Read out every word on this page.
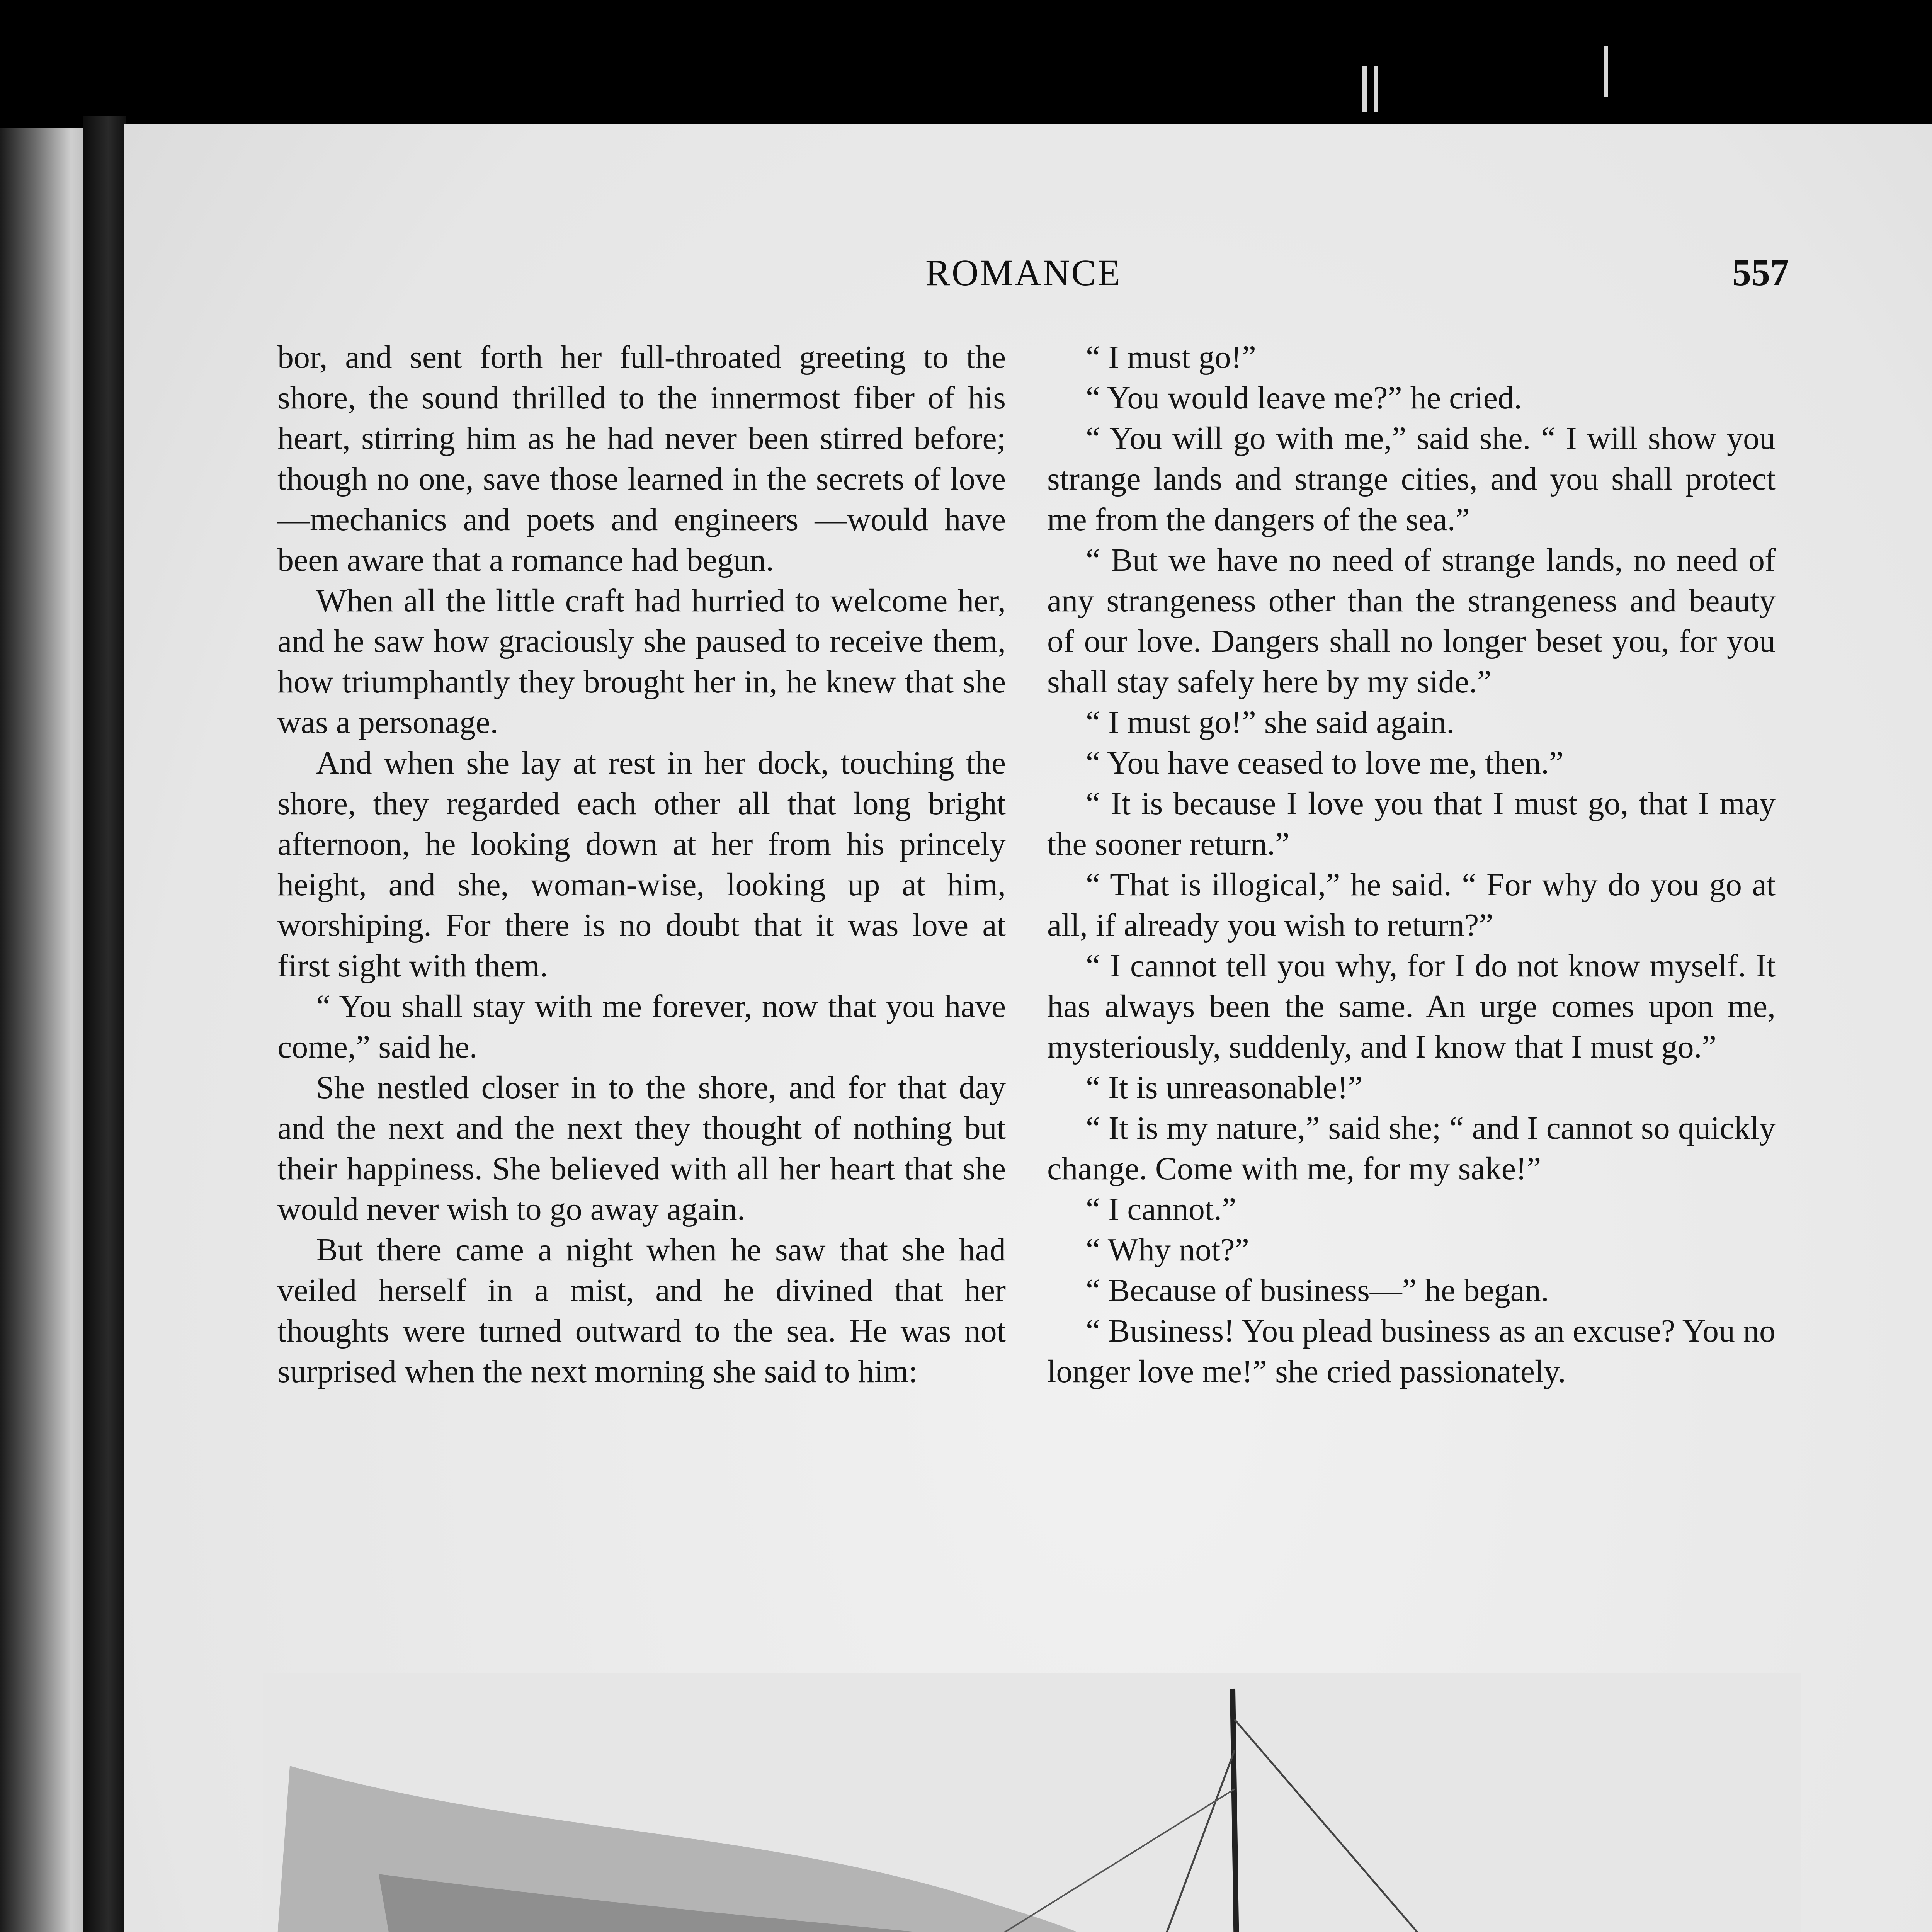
ROMANCE	557

bor, and sent forth her full-throated greeting to the shore, the sound thrilled to the innermost fiber of his heart, stirring him as he had never been stirred before; though no one, save those learned in the secrets of love—mechanics and poets and engineers —would have been aware that a romance had begun.

When all the little craft had hurried to welcome her, and he saw how graciously she paused to receive them, how triumphantly they brought her in, he knew that she was a personage.

And when she lay at rest in her dock, touching the shore, they regarded each other all that long bright afternoon, he looking down at her from his princely height, and she, woman-wise, looking up at him, worshiping. For there is no doubt that it was love at first sight with them.

“ You shall stay with me forever, now that you have come,” said he.

She nestled closer in to the shore, and for that day and the next and the next they thought of nothing but their happiness. She believed with all her heart that she would never wish to go away again.

But there came a night when he saw that she had veiled herself in a mist, and he divined that her thoughts were turned outward to the sea. He was not surprised when the next morning she said to him:

“ I must go!”

“ You would leave me?” he cried.

“ You will go with me,” said she. “ I will show you strange lands and strange cities, and you shall protect me from the dangers of the sea.”

“ But we have no need of strange lands, no need of any strangeness other than the strangeness and beauty of our love. Dangers shall no longer beset you, for you shall stay safely here by my side.”

“ I must go!” she said again.

“ You have ceased to love me, then.”

“ It is because I love you that I must go, that I may the sooner return.”

“ That is illogical,” he said. “ For why do you go at all, if already you wish to return?”

“ I cannot tell you why, for I do not know myself. It has always been the same. An urge comes upon me, mysteriously, suddenly, and I know that I must go.”

“ It is unreasonable!”

“ It is my nature,” said she; “ and I cannot so quickly change. Come with me, for my sake!”

“ I cannot.”

“ Why not?”

“ Because of business—” he began.

“ Business! You plead business as an excuse? You no longer love me!” she cried passionately.
